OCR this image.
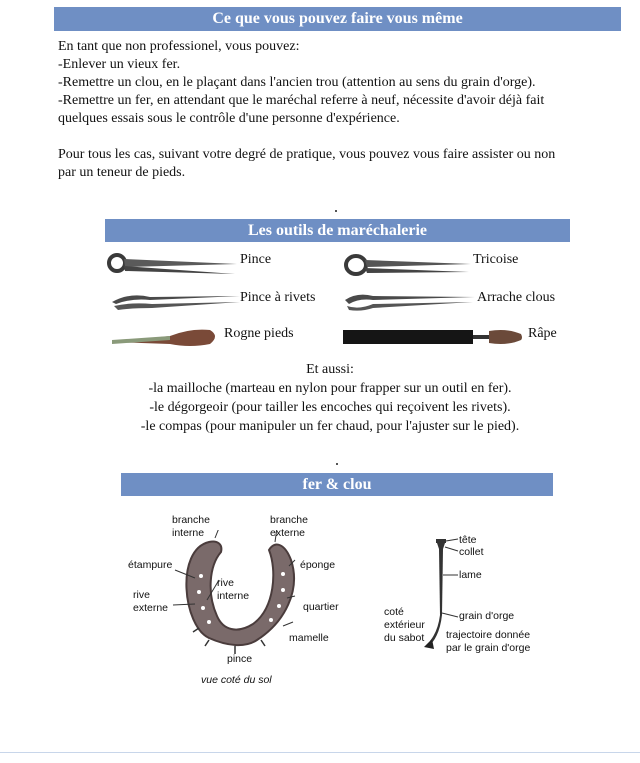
Ce que vous pouvez faire vous même
En tant que non professionel, vous pouvez:
-Enlever un vieux fer.
-Remettre un clou, en le plaçant dans l'ancien trou (attention au sens du grain d'orge).
-Remettre un fer, en attendant que le maréchal referre à neuf, nécessite d'avoir déjà fait
quelques essais sous le contrôle d'une personne d'expérience.
Pour tous les cas, suivant votre degré de pratique, vous pouvez vous faire assister ou non
par un teneur de pieds.
Les outils de maréchalerie
Pince	Tricoise
Pince à rivets	Arrache clous
Rogne pieds	Râpe
Et aussi:
-la mailloche (marteau en nylon pour frapper sur un outil en fer).
-le dégorgeoir (pour tailler les encoches qui reçoivent les rivets).
-le compas (pour manipuler un fer chaud, pour l'ajuster sur le pied).
fer & clou
branche
interne
branche
externe
étampure	éponge
rive
externe
rive
interne
quartier
mamelle
pince
vue coté du sol
tête
collet
lame
grain d'orge
coté
extérieur
du sabot trajectoire donnée
par le grain d'orge
